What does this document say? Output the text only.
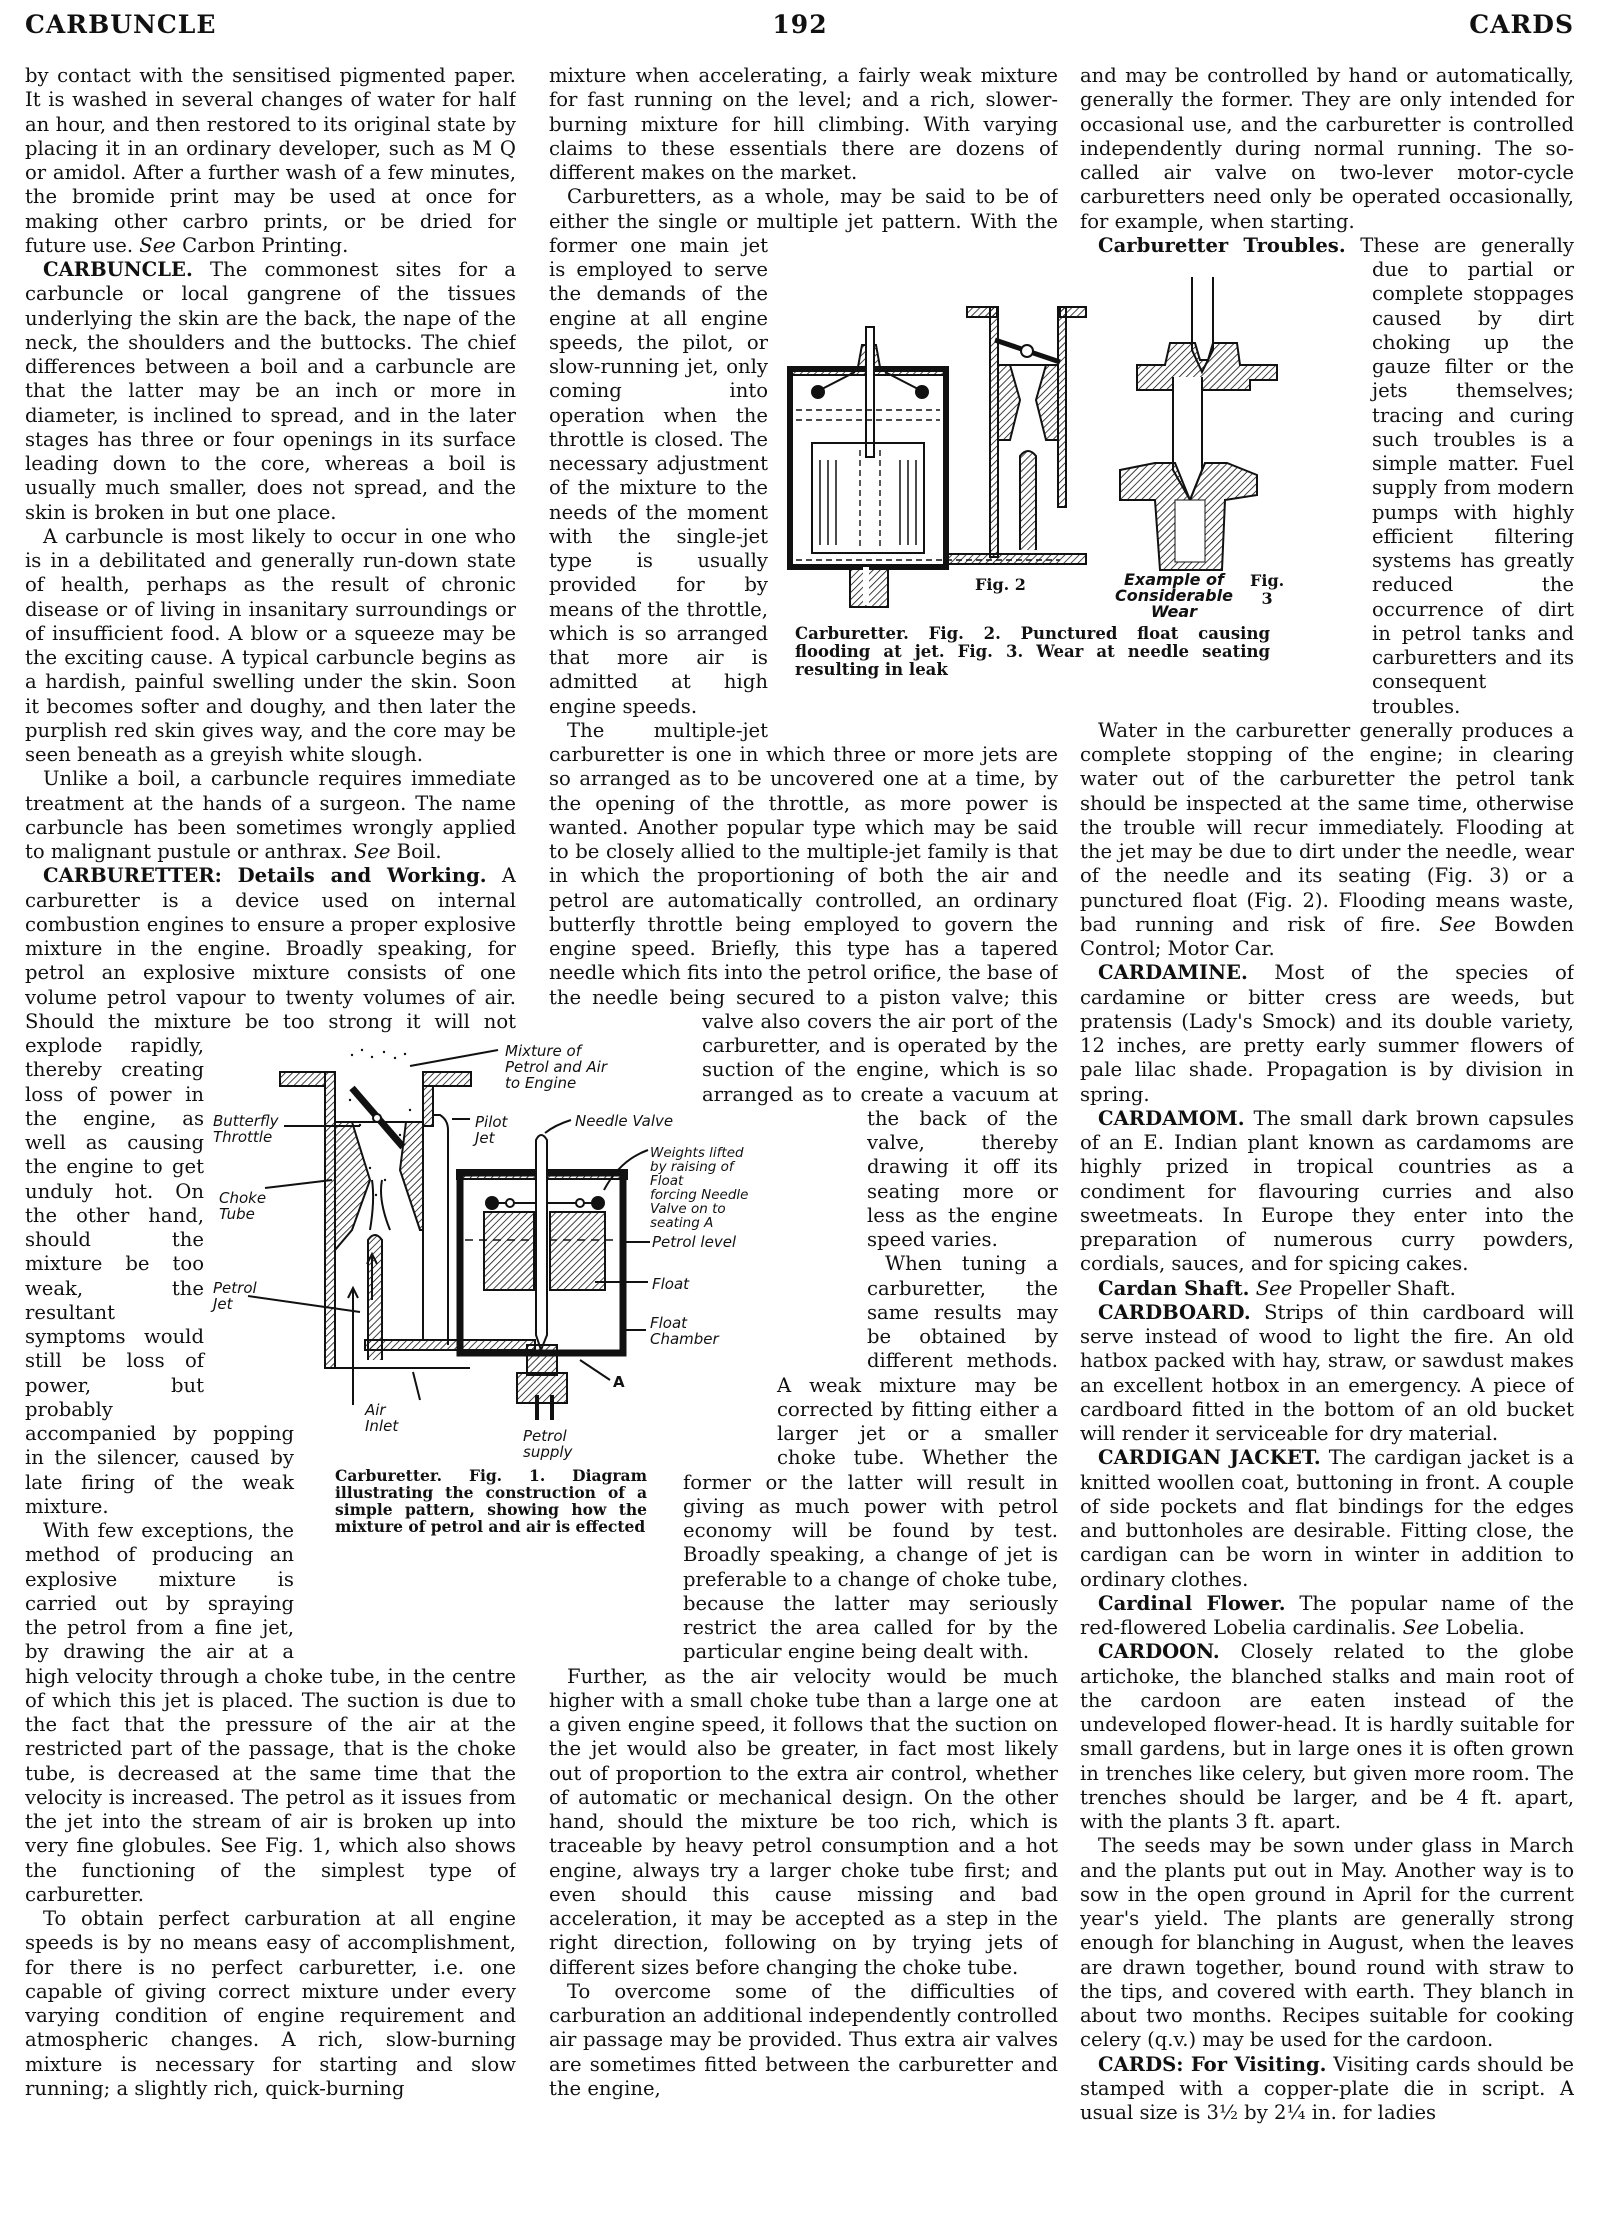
CARBUNCLE	192	CARDS

by contact with the sensitised pigmented paper. It is washed in several changes of water for half an hour, and then restored to its original state by placing it in an ordinary developer, such as M Q or amidol. After a further wash of a few minutes, the bromide print may be used at once for making other carbro prints, or be dried for future use. See Carbon Printing.

CARBUNCLE. The commonest sites for a carbuncle or local gangrene of the tissues underlying the skin are the back, the nape of the neck, the shoulders and the buttocks. The chief differences between a boil and a carbuncle are that the latter may be an inch or more in diameter, is inclined to spread, and in the later stages has three or four openings in its surface leading down to the core, whereas a boil is usually much smaller, does not spread, and the skin is broken in but one place.

A carbuncle is most likely to occur in one who is in a debilitated and generally run-down state of health, perhaps as the result of chronic disease or of living in insanitary surroundings or of insufficient food. A blow or a squeeze may be the exciting cause. A typical carbuncle begins as a hardish, painful swelling under the skin. Soon it becomes softer and doughy, and then later the purplish red skin gives way, and the core may be seen beneath as a greyish white slough.

Unlike a boil, a carbuncle requires immediate treatment at the hands of a surgeon. The name carbuncle has been sometimes wrongly applied to malignant pustule or anthrax. See Boil.

CARBURETTER: Details and Working. A carburetter is a device used on internal combustion engines to ensure a proper explosive mixture in the engine. Broadly speaking, for petrol an explosive mixture consists of one volume petrol vapour to twenty volumes of air. Should the mixture be too strong it will not explode rapidly, thereby creating loss of power in the engine, as well as causing the engine to get unduly hot. On the other hand, should the mixture be too weak, the resultant symptoms would still be loss of power, but probably accompanied by popping in the silencer, caused by late firing of the weak mixture.

With few exceptions, the method of producing an explosive mixture is carried out by spraying the petrol from a fine jet, by drawing the air at a high velocity through a choke tube, in the centre of which this jet is placed. The suction is due to the fact that the pressure of the air at the restricted part of the passage, that is the choke tube, is decreased at the same time that the velocity is increased. The petrol as it issues from the jet into the stream of air is broken up into very fine globules. See Fig. 1, which also shows the functioning of the simplest type of carburetter.

To obtain perfect carburation at all engine speeds is by no means easy of accomplishment, for there is no perfect carburetter, i.e. one capable of giving correct mixture under every varying condition of engine requirement and atmospheric changes. A rich, slow-burning mixture is necessary for starting and slow running; a slightly rich, quick-burning

mixture when accelerating, a fairly weak mixture for fast running on the level; and a rich, slower-burning mixture for hill climbing. With varying claims to these essentials there are dozens of different makes on the market.

Carburetters, as a whole, may be said to be of either the single or multiple jet pattern. With the former one main jet is employed to serve the demands of the engine at all engine speeds, the pilot, or slow-running jet, only coming into operation when the throttle is closed. The necessary adjustment of the mixture to the needs of the moment with the single-jet type is usually provided for by means of the throttle, which is so arranged that more air is admitted at high engine speeds.

The multiple-jet carburetter is one in which three or more jets are so arranged as to be uncovered one at a time, by the opening of the throttle, as more power is wanted. Another popular type which may be said to be closely allied to the multiple-jet family is that in which the proportioning of both the air and petrol are automatically controlled, an ordinary butterfly throttle being employed to govern the engine speed. Briefly, this type has a tapered needle which fits into the petrol orifice, the base of the needle being secured to a piston valve; this valve also covers the air port of the carburetter, and is operated by the suction of the engine, which is so arranged as to create a vacuum at the back of the valve, thereby drawing it off its seating more or less as the engine speed varies.

When tuning a carburetter, the same results may be obtained by different methods. A weak mixture may be corrected by fitting either a larger jet or a smaller choke tube. Whether the former or the latter will result in giving as much power with petrol economy will be found by test. Broadly speaking, a change of jet is preferable to a change of choke tube, because the latter may seriously restrict the area called for by the particular engine being dealt with.

Further, as the air velocity would be much higher with a small choke tube than a large one at a given engine speed, it follows that the suction on the jet would also be greater, in fact most likely out of proportion to the extra air control, whether of automatic or mechanical design. On the other hand, should the mixture be too rich, which is traceable by heavy petrol consumption and a hot engine, always try a larger choke tube first; and even should this cause missing and bad acceleration, it may be accepted as a step in the right direction, following on by trying jets of different sizes before changing the choke tube.

To overcome some of the difficulties of carburation an additional independently controlled air passage may be provided. Thus extra air valves are sometimes fitted between the carburetter and the engine,

and may be controlled by hand or automatically, generally the former. They are only intended for occasional use, and the carburetter is controlled independently during normal running. The so-called air valve on two-lever motor-cycle carburetters need only be operated occasionally, for example, when starting.

Carburetter Troubles. These are generally due to partial or complete stoppages caused by dirt choking up the gauze filter or the jets themselves; tracing and curing such troubles is a simple matter. Fuel supply from modern pumps with highly efficient filtering systems has greatly reduced the occurrence of dirt in petrol tanks and carburetters and its consequent troubles.

Water in the carburetter generally produces a complete stopping of the engine; in clearing water out of the carburetter the petrol tank should be inspected at the same time, otherwise the trouble will recur immediately. Flooding at the jet may be due to dirt under the needle, wear of the needle and its seating (Fig. 3) or a punctured float (Fig. 2). Flooding means waste, bad running and risk of fire. See Bowden Control; Motor Car.

CARDAMINE. Most of the species of cardamine or bitter cress are weeds, but pratensis (Lady's Smock) and its double variety, 12 inches, are pretty early summer flowers of pale lilac shade. Propagation is by division in spring.

CARDAMOM. The small dark brown capsules of an E. Indian plant known as cardamoms are highly prized in tropical countries as a condiment for flavouring curries and also sweetmeats. In Europe they enter into the preparation of numerous curry powders, cordials, sauces, and for spicing cakes.

Cardan Shaft. See Propeller Shaft.

CARDBOARD. Strips of thin cardboard will serve instead of wood to light the fire. An old hatbox packed with hay, straw, or sawdust makes an excellent hotbox in an emergency. A piece of cardboard fitted in the bottom of an old bucket will render it serviceable for dry material.

CARDIGAN JACKET. The cardigan jacket is a knitted woollen coat, buttoning in front. A couple of side pockets and flat bindings for the edges and buttonholes are desirable. Fitting close, the cardigan can be worn in winter in addition to ordinary clothes.

Cardinal Flower. The popular name of the red-flowered Lobelia cardinalis. See Lobelia.

CARDOON. Closely related to the globe artichoke, the blanched stalks and main root of the cardoon are eaten instead of the undeveloped flower-head. It is hardly suitable for small gardens, but in large ones it is often grown in trenches like celery, but given more room. The trenches should be larger, and be 4 ft. apart, with the plants 3 ft. apart.

The seeds may be sown under glass in March and the plants put out in May. Another way is to sow in the open ground in April for the current year's yield. The plants are generally strong enough for blanching in August, when the leaves are drawn together, bound round with straw to the tips, and covered with earth. They blanch in about two months. Recipes suitable for cooking celery (q.v.) may be used for the cardoon.

CARDS: For Visiting. Visiting cards should be stamped with a copper-plate die in script. A usual size is 3½ by 2¼ in. for ladies

Mixture of
Petrol and Air
to Engine
Butterfly
Throttle
Pilot
Jet
Needle Valve
Weights lifted
by raising of Float
forcing Needle
Valve on to seating A
Choke
Tube
Petrol level
Petrol
Jet
Float
Float
Chamber
A
Air
Inlet
Petrol
supply
Carburetter. Fig. 1. Diagram illustrating the construction of a simple pattern, showing how the mixture of petrol and air is effected
Fig. 2	Example of
Considerable
Wear
Fig.
3
Carburetter. Fig. 2. Punctured float causing flooding at jet. Fig. 3. Wear at needle seating resulting in leak
